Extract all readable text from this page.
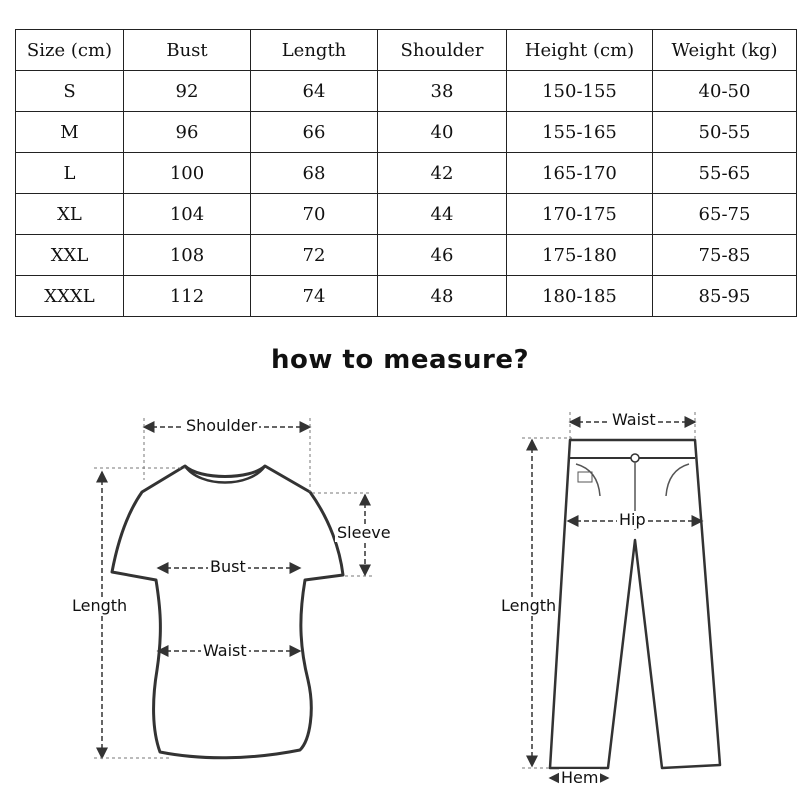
Size (cm)	Bust	Length	Shoulder	Height (cm)	Weight (kg)
S	92	64	38	150-155	40-50
M	96	66	40	155-165	50-55
L	100	68	42	165-170	55-65
XL	104	70	44	170-175	65-75
XXL	108	72	46	175-180	75-85
XXXL	112	74	48	180-185	85-95
how to measure?
Shoulder
Sleeve
Bust
Length
Waist
Waist
Hip
Length
Hem
